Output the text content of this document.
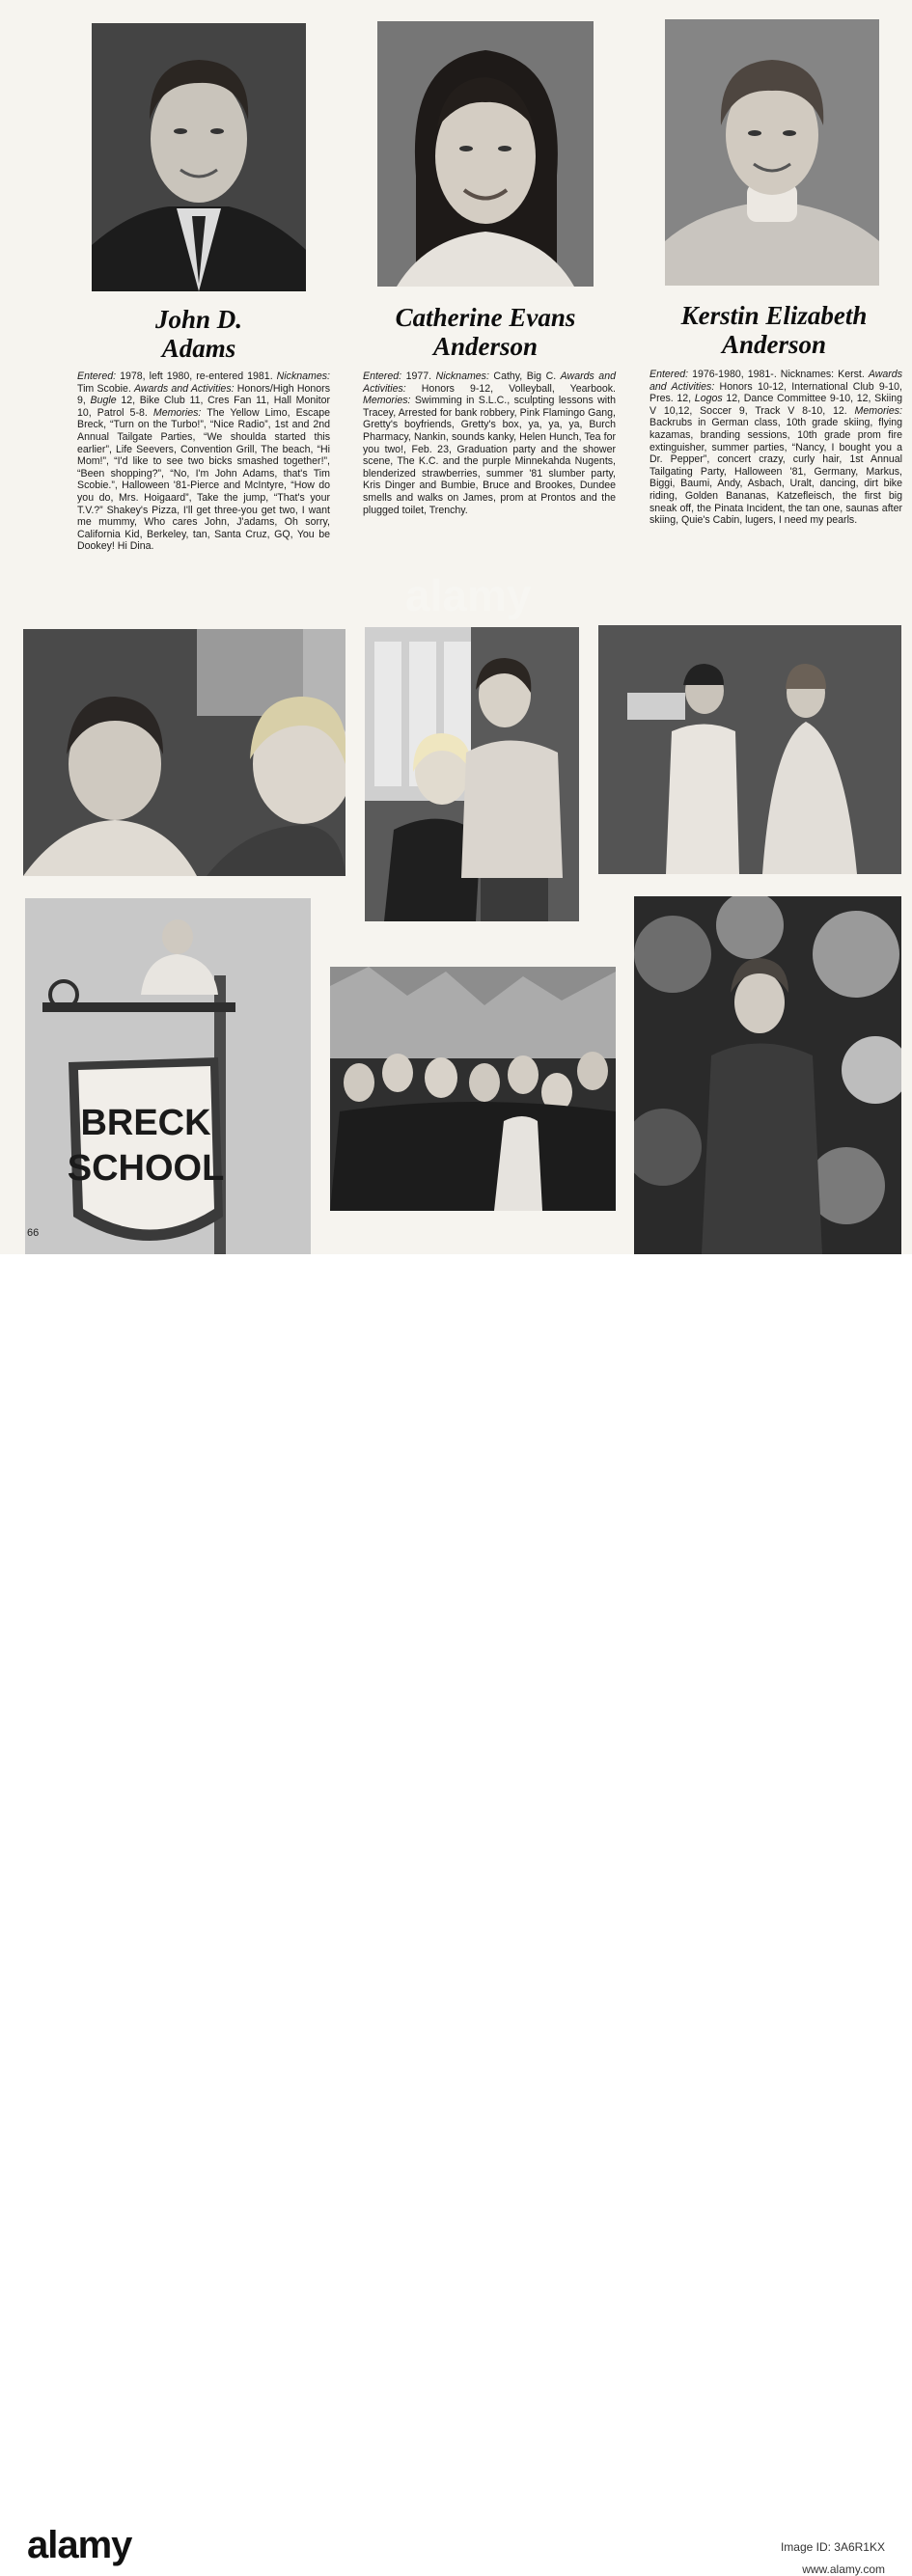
John D.
Adams
Catherine Evans
Anderson
Kerstin Elizabeth
Anderson
Entered: 1978, left 1980, re-entered 1981. Nicknames: Tim Scobie. Awards and Activities: Honors/High Honors 9, Bugle 12, Bike Club 11, Cres Fan 11, Hall Monitor 10, Patrol 5-8. Memories: The Yellow Limo, Escape Breck, “Turn on the Turbo!”, “Nice Radio”, 1st and 2nd Annual Tailgate Parties, “We shoulda started this earlier”, Life Seevers, Convention Grill, The beach, “Hi Mom!”, “I'd like to see two bicks smashed together!”, “Been shopping?”, “No, I'm John Adams, that's Tim Scobie.”, Halloween '81-Pierce and McIntyre, “How do you do, Mrs. Hoigaard”, Take the jump, “That's your T.V.?” Shakey's Pizza, I'll get three-you get two, I want me mummy, Who cares John, J'adams, Oh sorry, California Kid, Berkeley, tan, Santa Cruz, GQ, You be Dookey! Hi Dina.
Entered: 1977. Nicknames: Cathy, Big C. Awards and Activities: Honors 9-12, Volleyball, Yearbook. Memories: Swimming in S.L.C., sculpting lessons with Tracey, Arrested for bank robbery, Pink Flamingo Gang, Gretty's boyfriends, Gretty's box, ya, ya, ya, Burch Pharmacy, Nankin, sounds kanky, Helen Hunch, Tea for you two!, Feb. 23, Graduation party and the shower scene, The K.C. and the purple Minnekahda Nugents, blenderized strawberries, summer '81 slumber party, Kris Dinger and Bumbie, Bruce and Brookes, Dundee smells and walks on James, prom at Prontos and the plugged toilet, Trenchy.
Entered: 1976-1980, 1981-. Nicknames: Kerst. Awards and Activities: Honors 10-12, International Club 9-10, Pres. 12, Logos 12, Dance Committee 9-10, 12, Skiing V 10,12, Soccer 9, Track V 8-10, 12. Memories: Backrubs in German class, 10th grade skiing, flying kazamas, branding sessions, 10th grade prom fire extinguisher, summer parties, “Nancy, I bought you a Dr. Pepper”, concert crazy, curly hair, 1st Annual Tailgating Party, Halloween '81, Germany, Markus, Biggi, Baumi, Andy, Asbach, Uralt, dancing, dirt bike riding, Golden Bananas, Katzefleisch, the first big sneak off, the Pinata Incident, the tan one, saunas after skiing, Quie's Cabin, lugers, I need my pearls.
BRECK
SCHOOL
66
alamy
alamy	Image ID: 3A6R1KX
www.alamy.com
